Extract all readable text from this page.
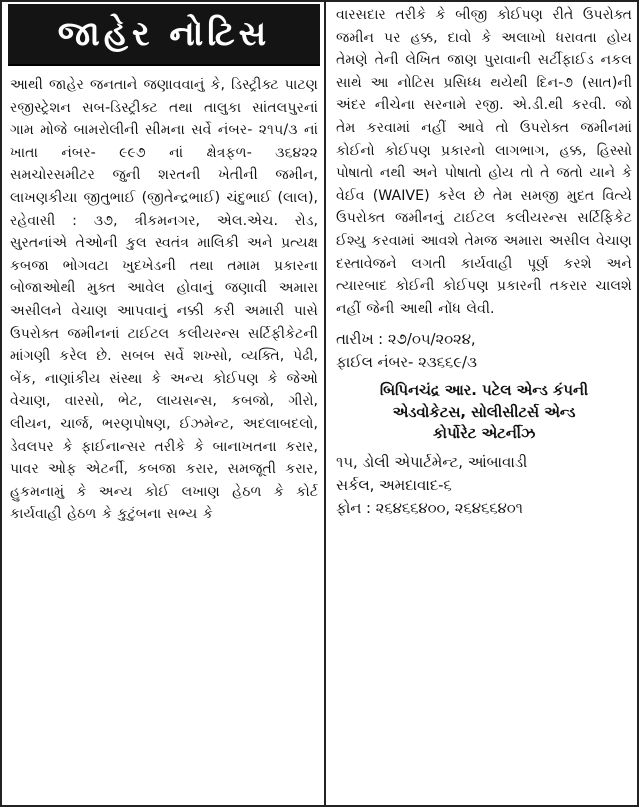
જાહેર નોટિસ

આથી જાહેર જનતાને જણાવવાનું કે, ડિસ્ટ્રીક્ટ પાટણ રજીસ્ટ્રેશન સબ-ડિસ્ટ્રીક્ટ તથા તાલુકા સાંતલપુરનાં ગામ મોજે બામરોલીની સીમના સર્વે નંબર- ૨૧૫/૩ નાં ખાતા નંબર- ૯૯૭ નાં ક્ષેત્રફળ- ૩૬૪૨૨ સમચોરસમીટર જુની શરતની ખેતીની જમીન, લાખણકીયા જીતુભાઈ (જીતેન્દ્રભાઈ) ચંદુભાઈ (લાલ), રહેવાસી : ૩૭, ત્રીકમનગર, એલ.એચ. રોડ, સુરતનાંએ તેઓની કુલ સ્વતંત્ર માલિકી અને પ્રત્યક્ષ કબજા ભોગવટા ખુદખેડની તથા તમામ પ્રકારના બોજાઓથી મુક્ત આવેલ હોવાનું જણાવી અમારા અસીલને વેચાણ આપવાનું નક્કી કરી અમારી પાસે ઉપરોક્ત જમીનનાં ટાઈટલ કલીયરન્સ સર્ટિફીકેટની માંગણી કરેલ છે. સબબ સર્વે શખ્સો, વ્યક્તિ, પેઢી, બેંક, નાણાંકીય સંસ્થા કે અન્ય કોઈપણ કે જેઓ વેચાણ, વારસો, ભેટ, લાયસન્સ, કબજો, ગીરો, લીયન, ચાર્જ, ભરણપોષણ, ઈઝમેન્ટ, અદલાબદલો, ડેવલપર કે ફાઈનાન્સર તરીકે કે બાનાખતના કરાર, પાવર ઓફ એટર્ની, કબજા કરાર, સમજૂતી કરાર, હુકમનામું કે અન્ય કોઈ લખાણ હેઠળ કે કોર્ટ કાર્યવાહી હેઠળ કે કુટુંબના સભ્ય કે

વારસદાર તરીકે કે બીજી કોઈપણ રીતે ઉપરોક્ત જમીન પર હક્ક, દાવો કે અલાખો ધરાવતા હોય તેમણે તેની લેખિત જાણ પુરાવાની સર્ટીફાઈડ નકલ સાથે આ નોટિસ પ્રસિધ્ધ થયેથી દિન-૭ (સાત)ની અંદર નીચેના સરનામે રજી. એ.ડી.થી કરવી. જો તેમ કરવામાં નહીં આવે તો ઉપરોક્ત જમીનમાં કોઈનો કોઈપણ પ્રકારનો લાગભાગ, હક્ક, હિસ્સો પોષાતો નથી અને પોષાતો હોય તો તે જતો યાને કે વેઈવ (WAIVE) કરેલ છે તેમ સમજી મુદત વિત્યે ઉપરોક્ત જમીનનું ટાઈટલ કલીયરન્સ સર્ટિફિકેટ ઈશ્યુ કરવામાં આવશે તેમજ અમારા અસીલ વેચાણ દસ્તાવેજને લગતી કાર્યવાહી પૂર્ણ કરશે અને ત્યારબાદ કોઈની કોઈપણ પ્રકારની તકરાર ચાલશે નહીં જેની આથી નોંધ લેવી.

તારીખ : ૨૭/૦૫/૨૦૨૪,
ફાઈલ નંબર- ૨૩૬૬૯/૩
બિપિનચંદ્ર આર. પટેલ એન્ડ કંપની
એડવોકેટસ, સોલીસીટર્સ એન્ડ
કોર્પોરેટ એટર્નીઝ
૧૫, ડોલી એપાર્ટમેન્ટ, આંબાવાડી
સર્કલ, અમદાવાદ-૬
ફોન : ૨૬૪૬૬૪૦૦, ૨૬૪૬૬૪૦૧
